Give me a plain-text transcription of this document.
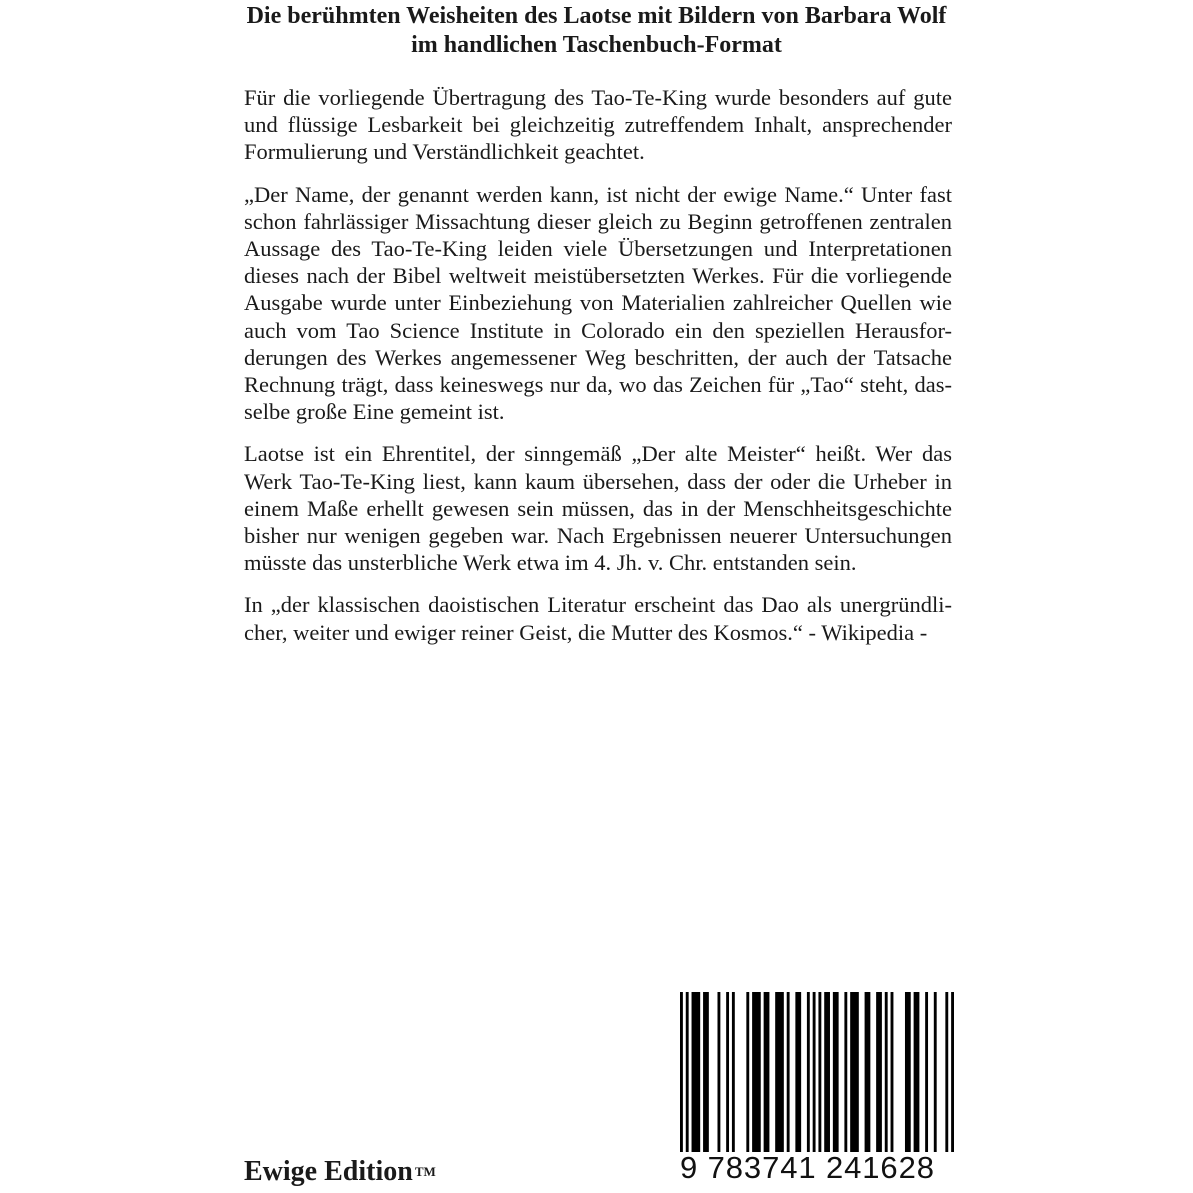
Die berühmten Weisheiten des Laotse mit Bildern von Barbara Wolf
im handlichen Taschenbuch-Format
Für die vorliegende Übertragung des Tao-Te-King wurde besonders auf gute
und flüssige Lesbarkeit bei gleichzeitig zutreffendem Inhalt, ansprechender
Formulierung und Verständlichkeit geachtet.
„Der Name, der genannt werden kann, ist nicht der ewige Name.“ Unter fast
schon fahrlässiger Missachtung dieser gleich zu Beginn getroffenen zentralen
Aussage des Tao-Te-King leiden viele Übersetzungen und Interpretationen
dieses nach der Bibel weltweit meistübersetzten Werkes. Für die vorliegende
Ausgabe wurde unter Einbeziehung von Materialien zahlreicher Quellen wie
auch vom Tao Science Institute in Colorado ein den speziellen Herausfor-
derungen des Werkes angemessener Weg beschritten, der auch der Tatsache
Rechnung trägt, dass keineswegs nur da, wo das Zeichen für „Tao“ steht, das-
selbe große Eine gemeint ist.
Laotse ist ein Ehrentitel, der sinngemäß „Der alte Meister“ heißt. Wer das
Werk Tao-Te-King liest, kann kaum übersehen, dass der oder die Urheber in
einem Maße erhellt gewesen sein müssen, das in der Menschheitsgeschichte
bisher nur wenigen gegeben war. Nach Ergebnissen neuerer Untersuchungen
müsste das unsterbliche Werk etwa im 4. Jh. v. Chr. entstanden sein.
In „der klassischen daoistischen Literatur erscheint das Dao als unergründli-
cher, weiter und ewiger reiner Geist, die Mutter des Kosmos.“ - Wikipedia -
9 783741 241628
Ewige Edition ™
